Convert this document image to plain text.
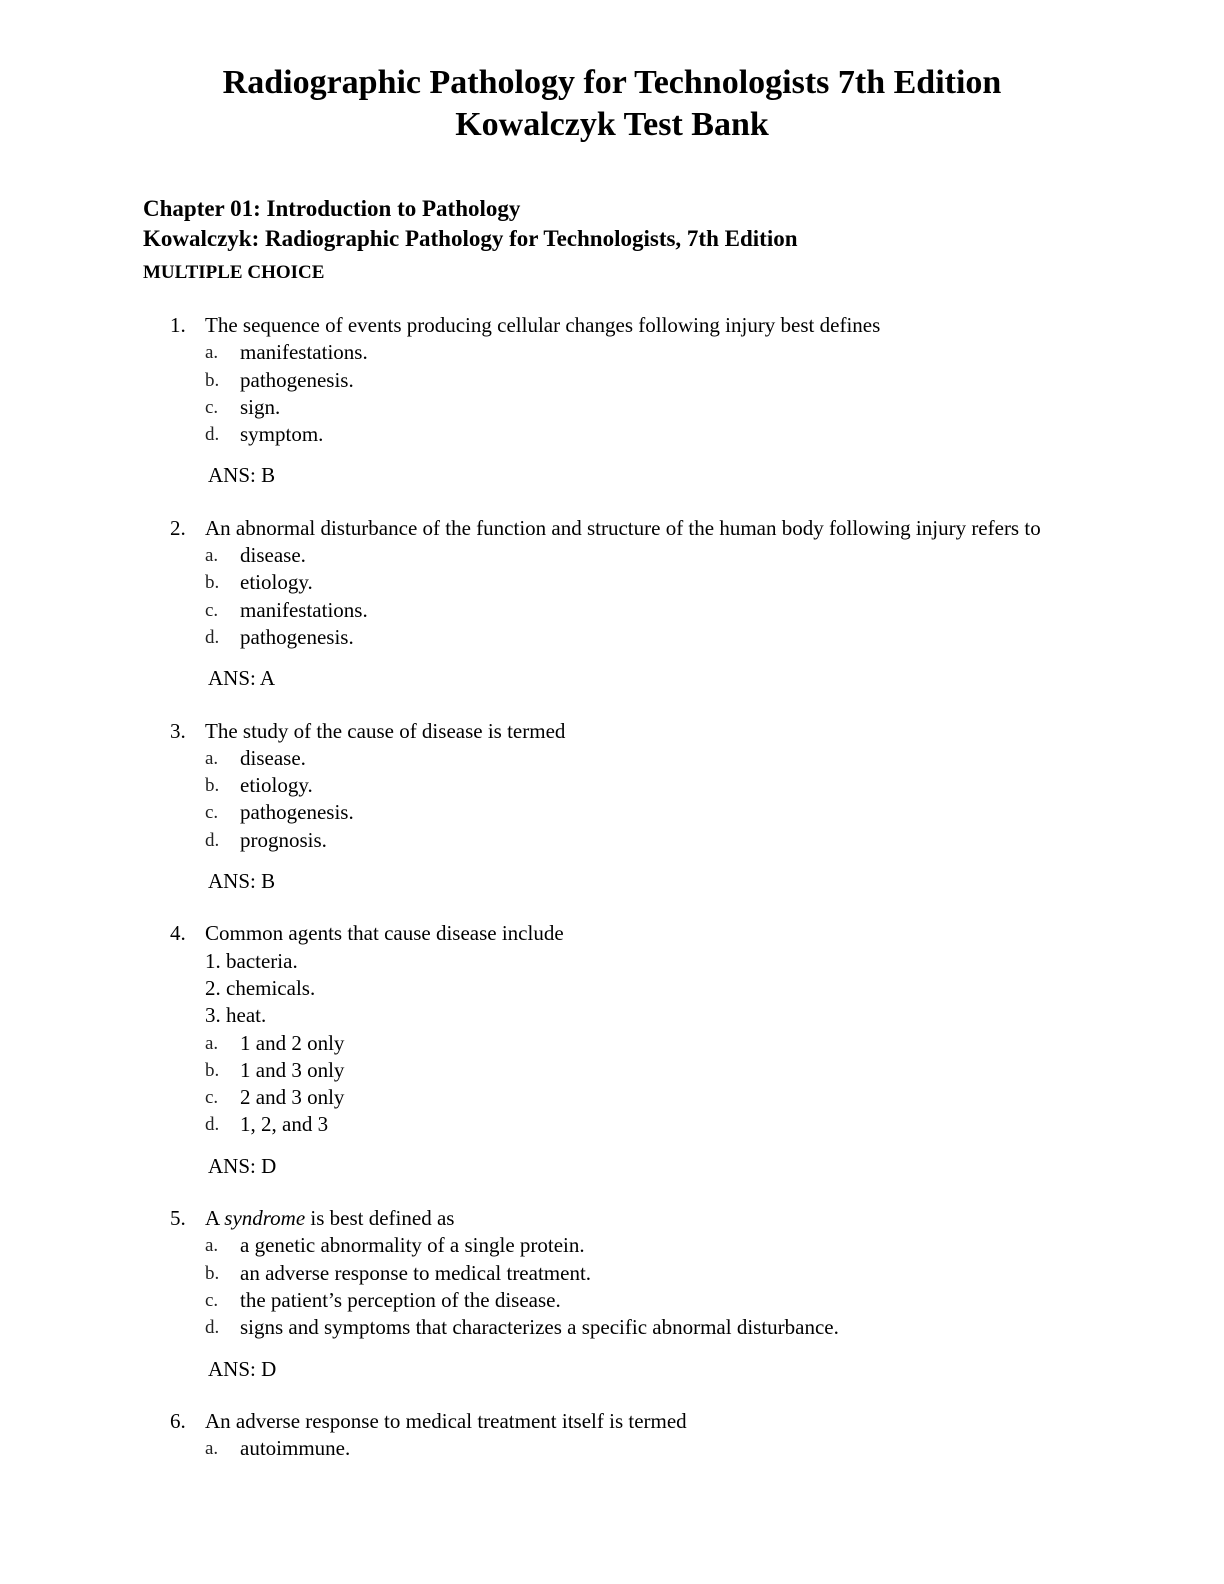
Radiographic Pathology for Technologists 7th Edition
Kowalczyk Test Bank
Chapter 01: Introduction to Pathology
Kowalczyk: Radiographic Pathology for Technologists, 7th Edition
MULTIPLE CHOICE
1. The sequence of events producing cellular changes following injury best defines
a. manifestations.
b. pathogenesis.
c. sign.
d. symptom.
ANS: B
2. An abnormal disturbance of the function and structure of the human body following injury refers to
a. disease.
b. etiology.
c. manifestations.
d. pathogenesis.
ANS: A
3. The study of the cause of disease is termed
a. disease.
b. etiology.
c. pathogenesis.
d. prognosis.
ANS: B
4. Common agents that cause disease include
1. bacteria.
2. chemicals.
3. heat.
a. 1 and 2 only
b. 1 and 3 only
c. 2 and 3 only
d. 1, 2, and 3
ANS: D
5. A syndrome is best defined as
a. a genetic abnormality of a single protein.
b. an adverse response to medical treatment.
c. the patient’s perception of the disease.
d. signs and symptoms that characterizes a specific abnormal disturbance.
ANS: D
6. An adverse response to medical treatment itself is termed
a. autoimmune.
